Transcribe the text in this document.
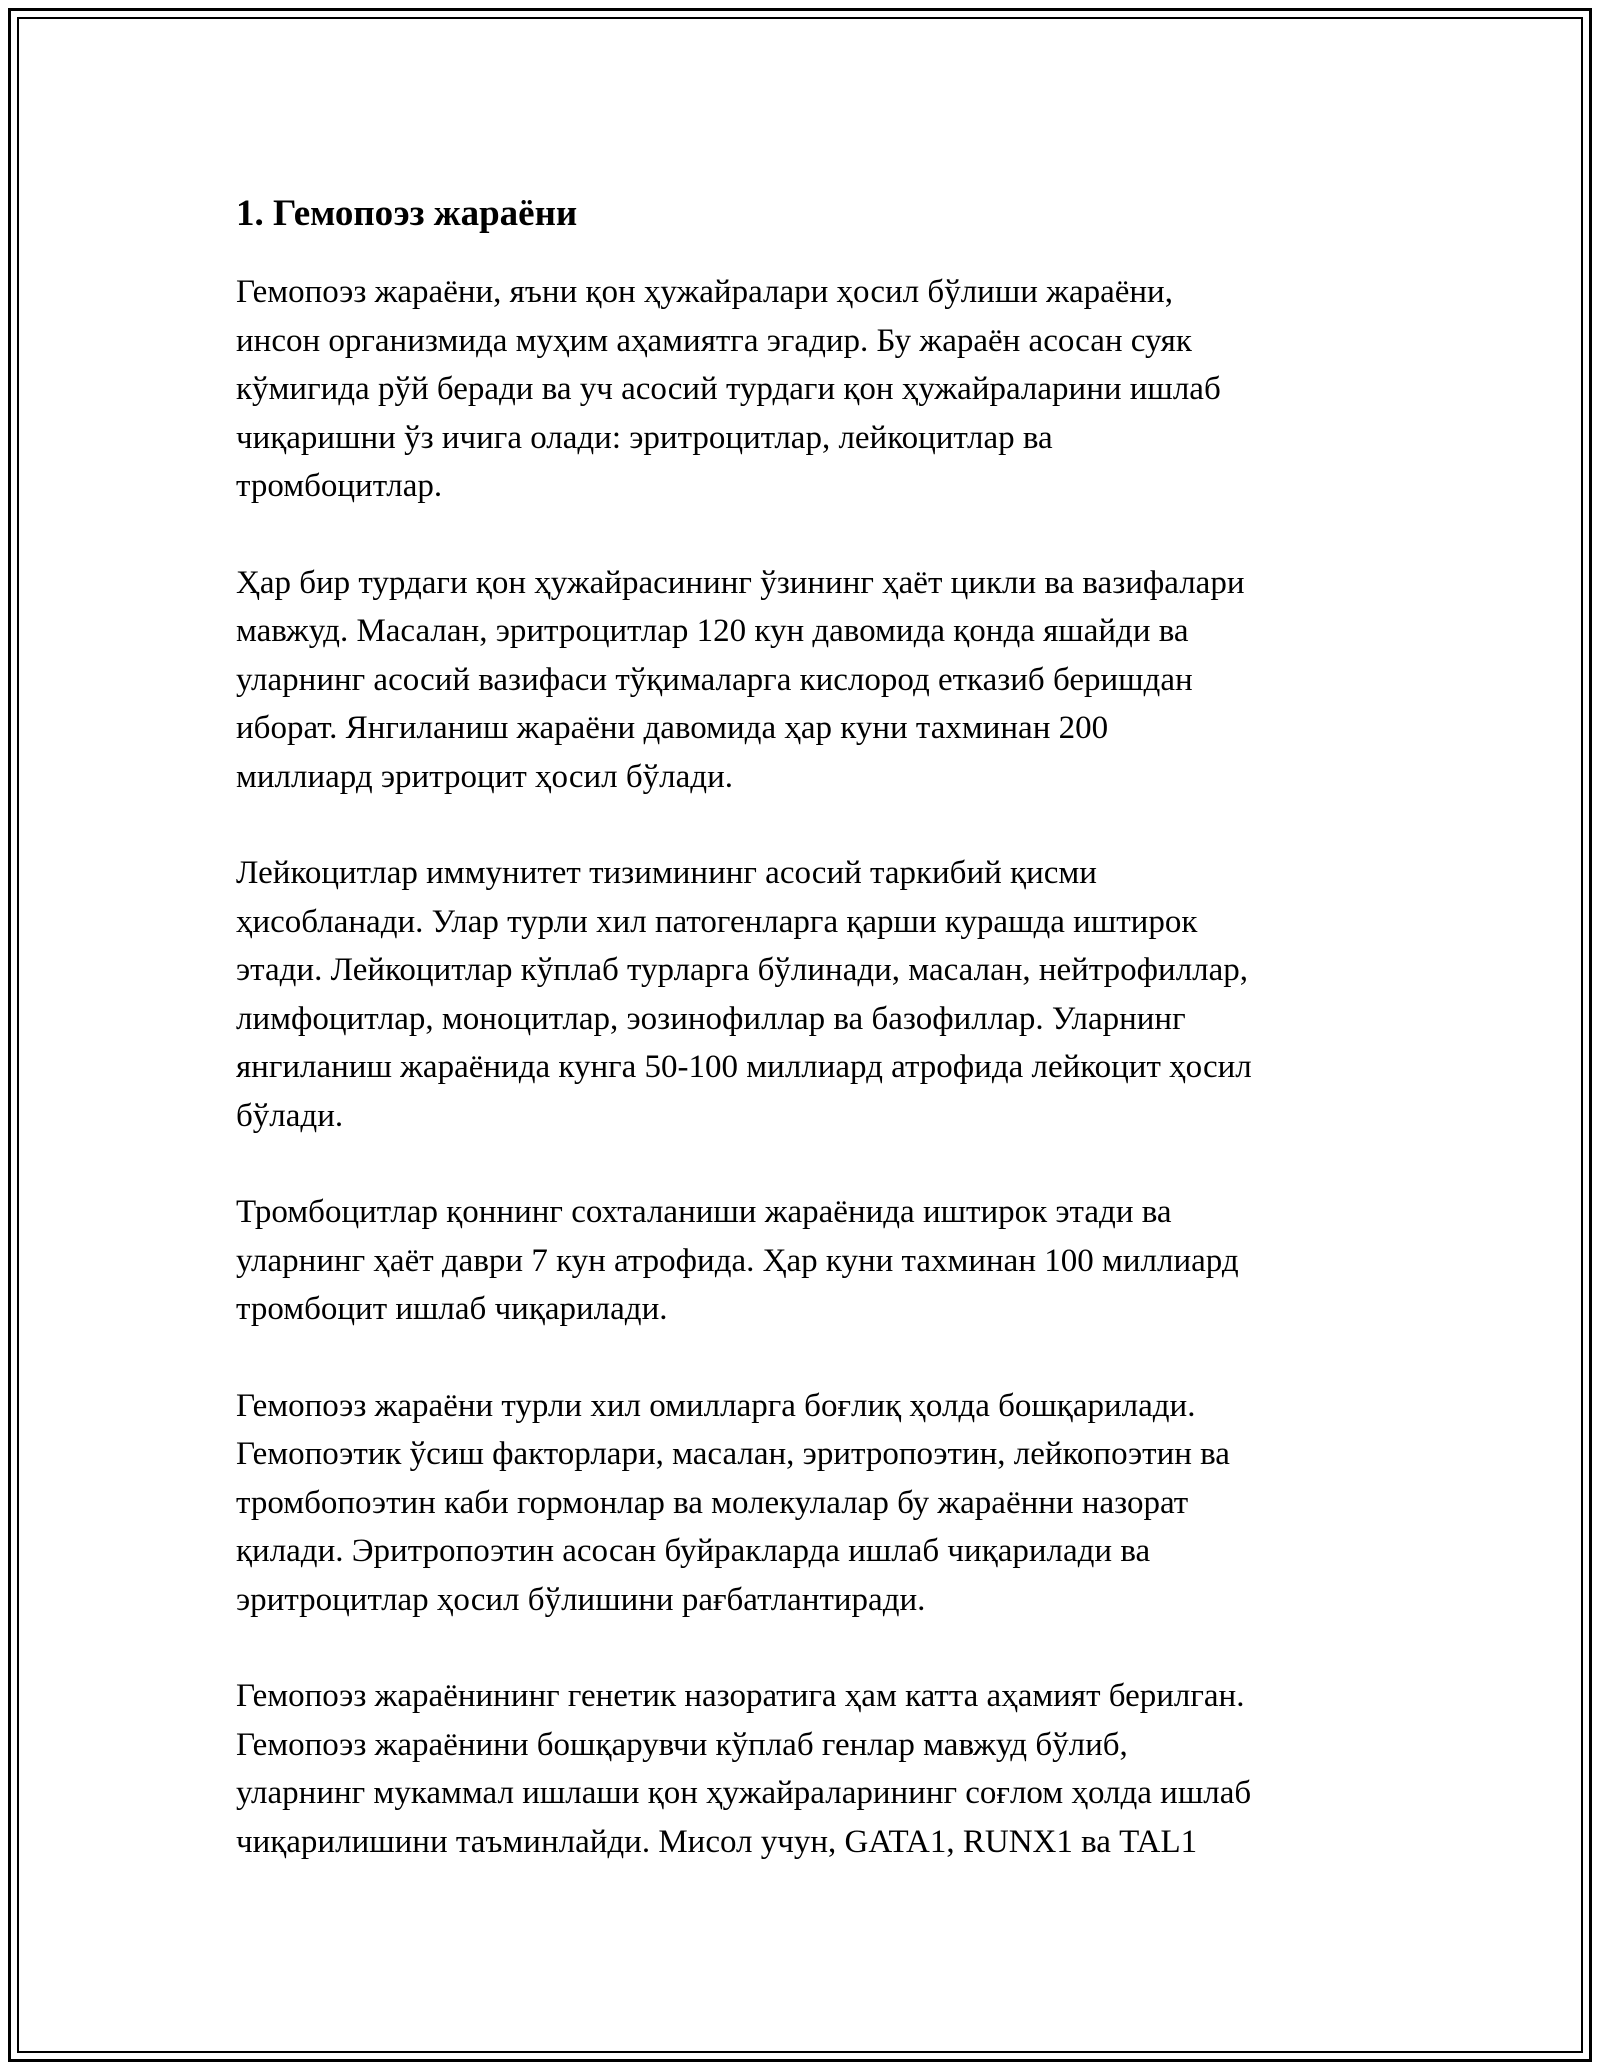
1. Гемопоэз жараёни

Гемопоэз жараёни, яъни қон ҳужайралари ҳосил бўлиши жараёни,
инсон организмида муҳим аҳамиятга эгадир. Бу жараён асосан суяк
кўмигида рўй беради ва уч асосий турдаги қон ҳужайраларини ишлаб
чиқаришни ўз ичига олади: эритроцитлар, лейкоцитлар ва
тромбоцитлар.

Ҳар бир турдаги қон ҳужайрасининг ўзининг ҳаёт цикли ва вазифалари
мавжуд. Масалан, эритроцитлар 120 кун давомида қонда яшайди ва
уларнинг асосий вазифаси тўқималарга кислород етказиб беришдан
иборат. Янгиланиш жараёни давомида ҳар куни тахминан 200
миллиард эритроцит ҳосил бўлади.

Лейкоцитлар иммунитет тизимининг асосий таркибий қисми
ҳисобланади. Улар турли хил патогенларга қарши курашда иштирок
этади. Лейкоцитлар кўплаб турларга бўлинади, масалан, нейтрофиллар,
лимфоцитлар, моноцитлар, эозинофиллар ва базофиллар. Уларнинг
янгиланиш жараёнида кунга 50-100 миллиард атрофида лейкоцит ҳосил
бўлади.

Тромбоцитлар қоннинг сохталаниши жараёнида иштирок этади ва
уларнинг ҳаёт даври 7 кун атрофида. Ҳар куни тахминан 100 миллиард
тромбоцит ишлаб чиқарилади.

Гемопоэз жараёни турли хил омилларга боғлиқ ҳолда бошқарилади.
Гемопоэтик ўсиш факторлари, масалан, эритропоэтин, лейкопоэтин ва
тромбопоэтин каби гормонлар ва молекулалар бу жараённи назорат
қилади. Эритропоэтин асосан буйракларда ишлаб чиқарилади ва
эритроцитлар ҳосил бўлишини рағбатлантиради.

Гемопоэз жараёнининг генетик назоратига ҳам катта аҳамият берилган.
Гемопоэз жараёнини бошқарувчи кўплаб генлар мавжуд бўлиб,
уларнинг мукаммал ишлаши қон ҳужайраларининг соғлом ҳолда ишлаб
чиқарилишини таъминлайди. Мисол учун, GATA1, RUNX1 ва TAL1
